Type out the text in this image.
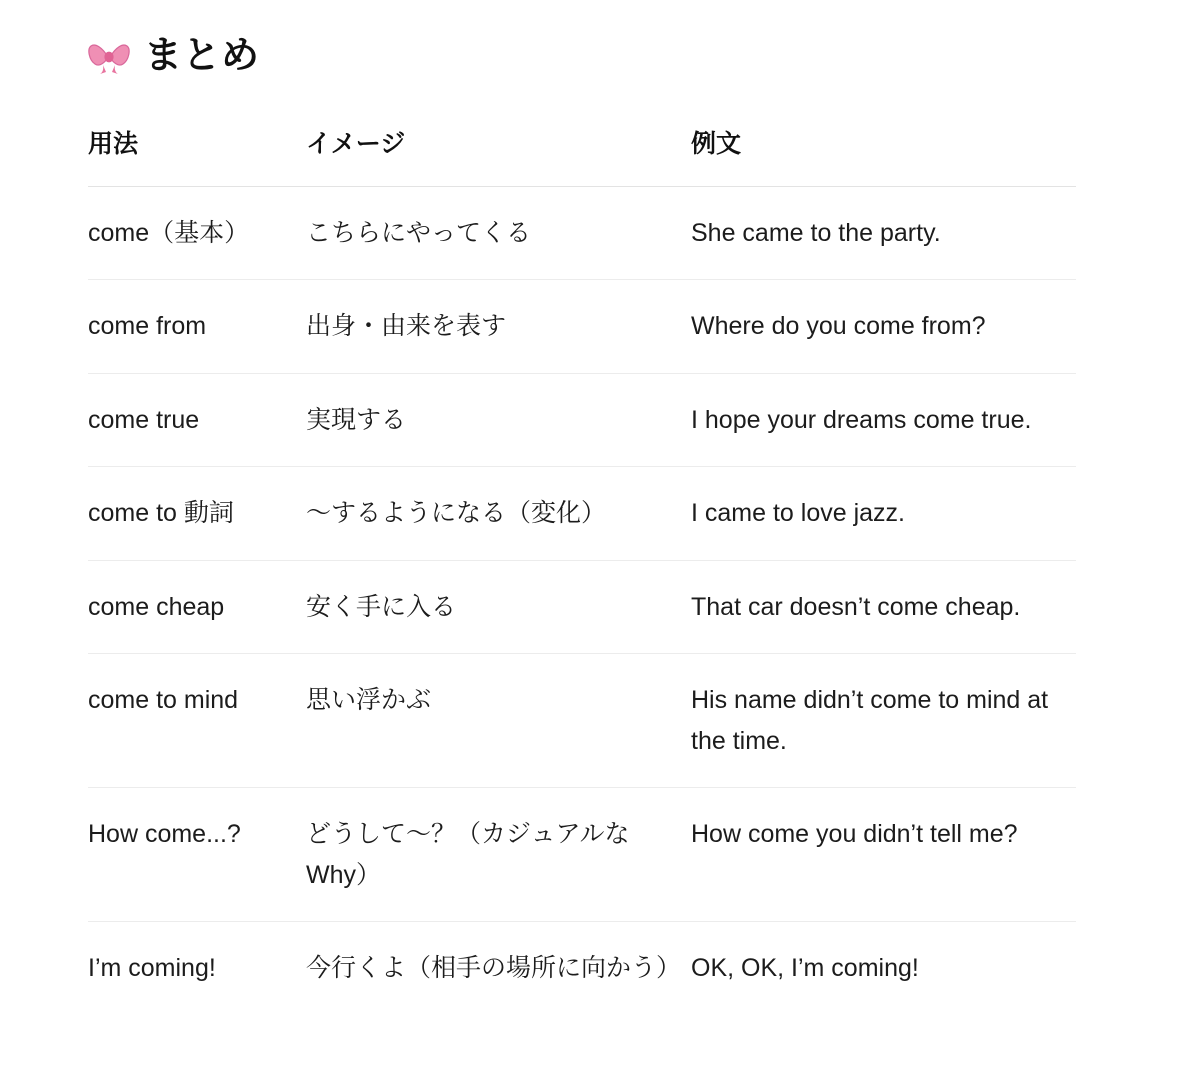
まとめ
用法	イメージ	例文
come（基本）	こちらにやってくる	She came to the party.
come from	出身・由来を表す	Where do you come from?
come true	実現する	I hope your dreams come true.
come to 動詞	〜するようになる（変化）	I came to love jazz.
come cheap	安く手に入る	That car doesn’t come cheap.
come to mind	思い浮かぶ	His name didn’t come to mind at the time.
How come...?	どうして〜？（カジュアルな Why）	How come you didn’t tell me?
I’m coming!	今行くよ（相手の場所に向かう）	OK, OK, I’m coming!
